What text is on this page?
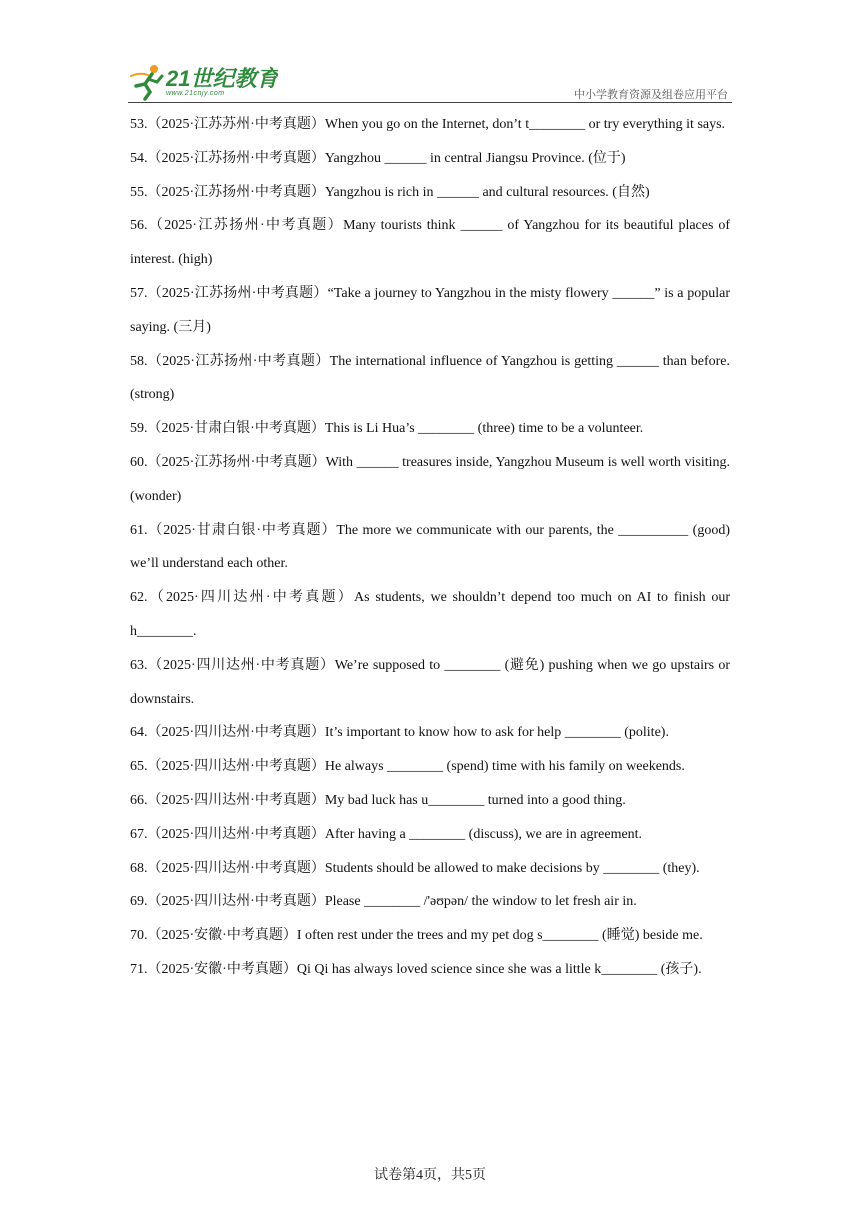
21世纪教育
www.21cnjy.com	中小学教育资源及组卷应用平台
53.（2025·江苏苏州·中考真题）When you go on the Internet, don’t t________ or try everything it says.
54.（2025·江苏扬州·中考真题）Yangzhou ______ in central Jiangsu Province. (位于)
55.（2025·江苏扬州·中考真题）Yangzhou is rich in ______ and cultural resources. (自然)
56.（2025·江苏扬州·中考真题）Many tourists think ______ of Yangzhou for its beautiful places of interest. (high)
57.（2025·江苏扬州·中考真题）“Take a journey to Yangzhou in the misty flowery ______” is a popular saying. (三月)
58.（2025·江苏扬州·中考真题）The international influence of Yangzhou is getting ______ than before. (strong)
59.（2025·甘肃白银·中考真题）This is Li Hua’s ________ (three) time to be a volunteer.
60.（2025·江苏扬州·中考真题）With ______ treasures inside, Yangzhou Museum is well worth visiting. (wonder)
61.（2025·甘肃白银·中考真题）The more we communicate with our parents, the __________ (good) we’ll understand each other.
62.（2025·四川达州·中考真题）As students, we shouldn’t depend too much on AI to finish our h________.
63.（2025·四川达州·中考真题）We’re supposed to ________ (避免) pushing when we go upstairs or downstairs.
64.（2025·四川达州·中考真题）It’s important to know how to ask for help ________ (polite).
65.（2025·四川达州·中考真题）He always ________ (spend) time with his family on weekends.
66.（2025·四川达州·中考真题）My bad luck has u________ turned into a good thing.
67.（2025·四川达州·中考真题）After having a ________ (discuss), we are in agreement.
68.（2025·四川达州·中考真题）Students should be allowed to make decisions by ________ (they).
69.（2025·四川达州·中考真题）Please ________ /'əʊpən/ the window to let fresh air in.
70.（2025·安徽·中考真题）I often rest under the trees and my pet dog s________ (睡觉) beside me.
71.（2025·安徽·中考真题）Qi Qi has always loved science since she was a little k________ (孩子).
试卷第4页，共5页
